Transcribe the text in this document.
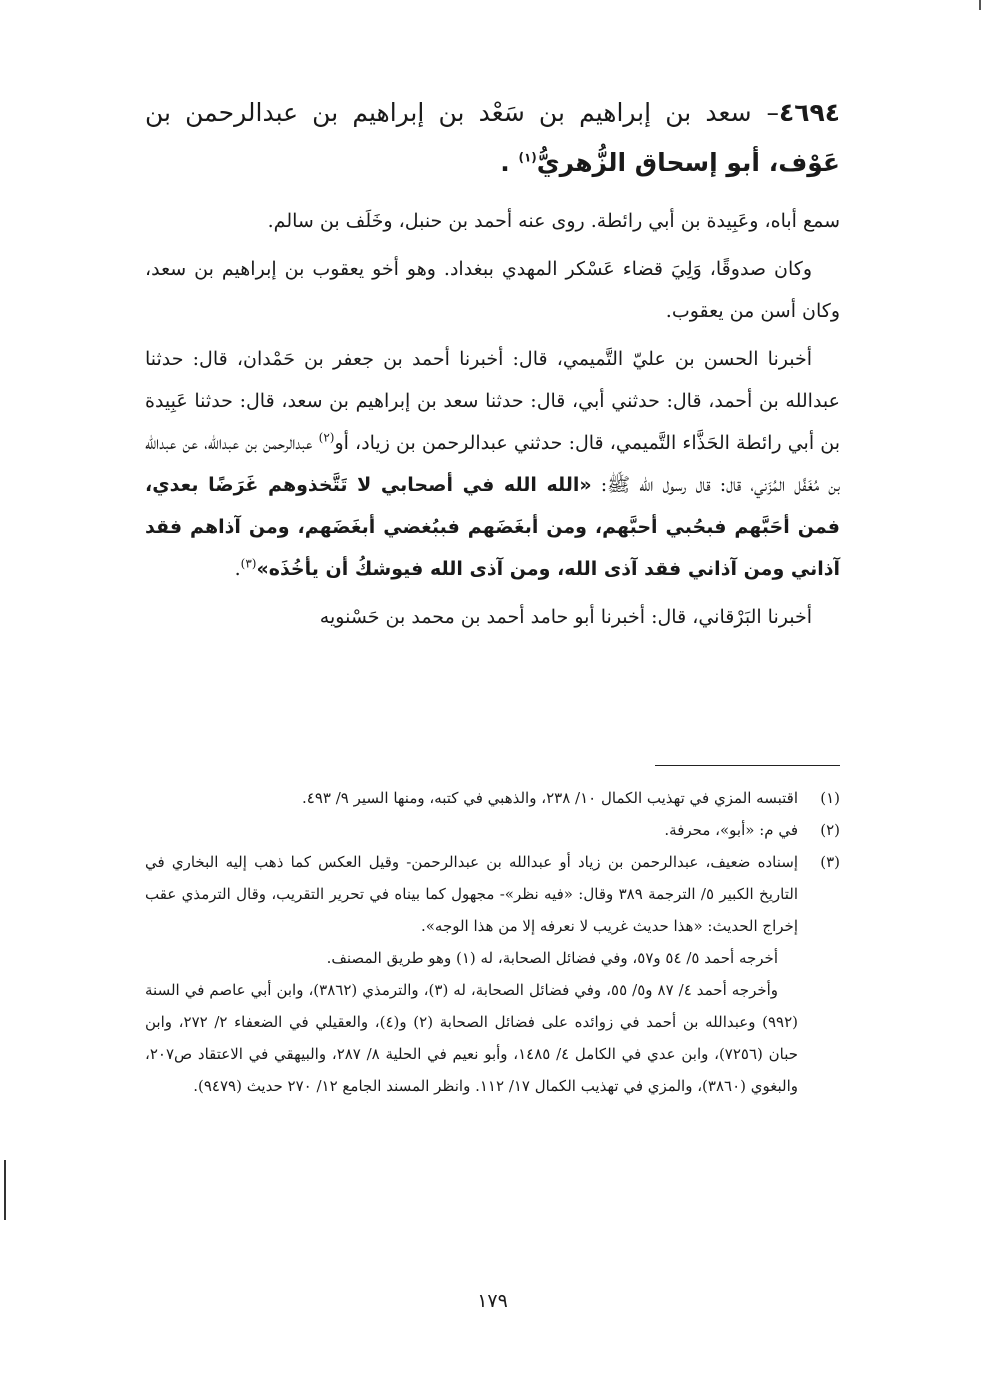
٤٦٩٤– سعد بن إبراهيم بن سَعْد بن إبراهيم بن عبدالرحمن بن عَوْف، أبو إسحاق الزُّهريُّ$^{(١)}$ .

سمع أباه، وعَبِيدة بن أبي رائطة. روى عنه أحمد بن حنبل، وخَلَف بن سالم.

وكان صدوقًا، وَلِيَ قضاء عَسْكر المهدي ببغداد. وهو أخو يعقوب بن إبراهيم بن سعد، وكان أسن من يعقوب.

أخبرنا الحسن بن عليّ التَّميمي، قال: أخبرنا أحمد بن جعفر بن حَمْدان، قال: حدثنا عبدالله بن أحمد، قال: حدثني أبي، قال: حدثنا سعد بن إبراهيم بن سعد، قال: حدثنا عَبِيدة بن أبي رائطة الحَذَّاء التَّميمي، قال: حدثني عبدالرحمن بن زياد، أو$^{(٢)}$ عبدالرحمن بن عبدالله، عن عبدالله بن مُغَفَّل المُزَني، قال: قال رسول الله ﷺ: «الله الله في أصحابي لا تَتَّخذوهم غَرَضًا بعدي، فمن أحَبَّهم فبحُبي أحبَّهم، ومن أبغَضَهم فببُغضي أبغَضَهم، ومن آذاهم فقد آذاني ومن آذاني فقد آذى الله، ومن آذى الله فيوشكُ أن يأخُذَه»$^{(٣)}$.

أخبرنا البَرْقاني، قال: أخبرنا أبو حامد أحمد بن محمد بن حَسْنويه

(١)
اقتبسه المزي في تهذيب الكمال ١٠/ ٢٣٨، والذهبي في كتبه، ومنها السير ٩/ ٤٩٣.
(٢)
في م: «أبو»، محرفة.
(٣)
إسناده ضعيف، عبدالرحمن بن زياد أو عبدالله بن عبدالرحمن- وقيل العكس كما ذهب إليه البخاري في التاريخ الكبير ٥/ الترجمة ٣٨٩ وقال: «فيه نظر»- مجهول كما بيناه في تحرير التقريب، وقال الترمذي عقب إخراج الحديث: «هذا حديث غريب لا نعرفه إلا من هذا الوجه».

أخرجه أحمد ٥/ ٥٤ و٥٧، وفي فضائل الصحابة، له (١) وهو طريق المصنف.

وأخرجه أحمد ٤/ ٨٧ و٥/ ٥٥، وفي فضائل الصحابة، له (٣)، والترمذي (٣٨٦٢)، وابن أبي عاصم في السنة (٩٩٢) وعبدالله بن أحمد في زوائده على فضائل الصحابة (٢) و(٤)، والعقيلي في الضعفاء ٢/ ٢٧٢، وابن حبان (٧٢٥٦)، وابن عدي في الكامل ٤/ ١٤٨٥، وأبو نعيم في الحلية ٨/ ٢٨٧، والبيهقي في الاعتقاد ص٢٠٧، والبغوي (٣٨٦٠)، والمزي في تهذيب الكمال ١٧/ ١١٢. وانظر المسند الجامع ١٢/ ٢٧٠ حديث (٩٤٧٩).

١٧٩
